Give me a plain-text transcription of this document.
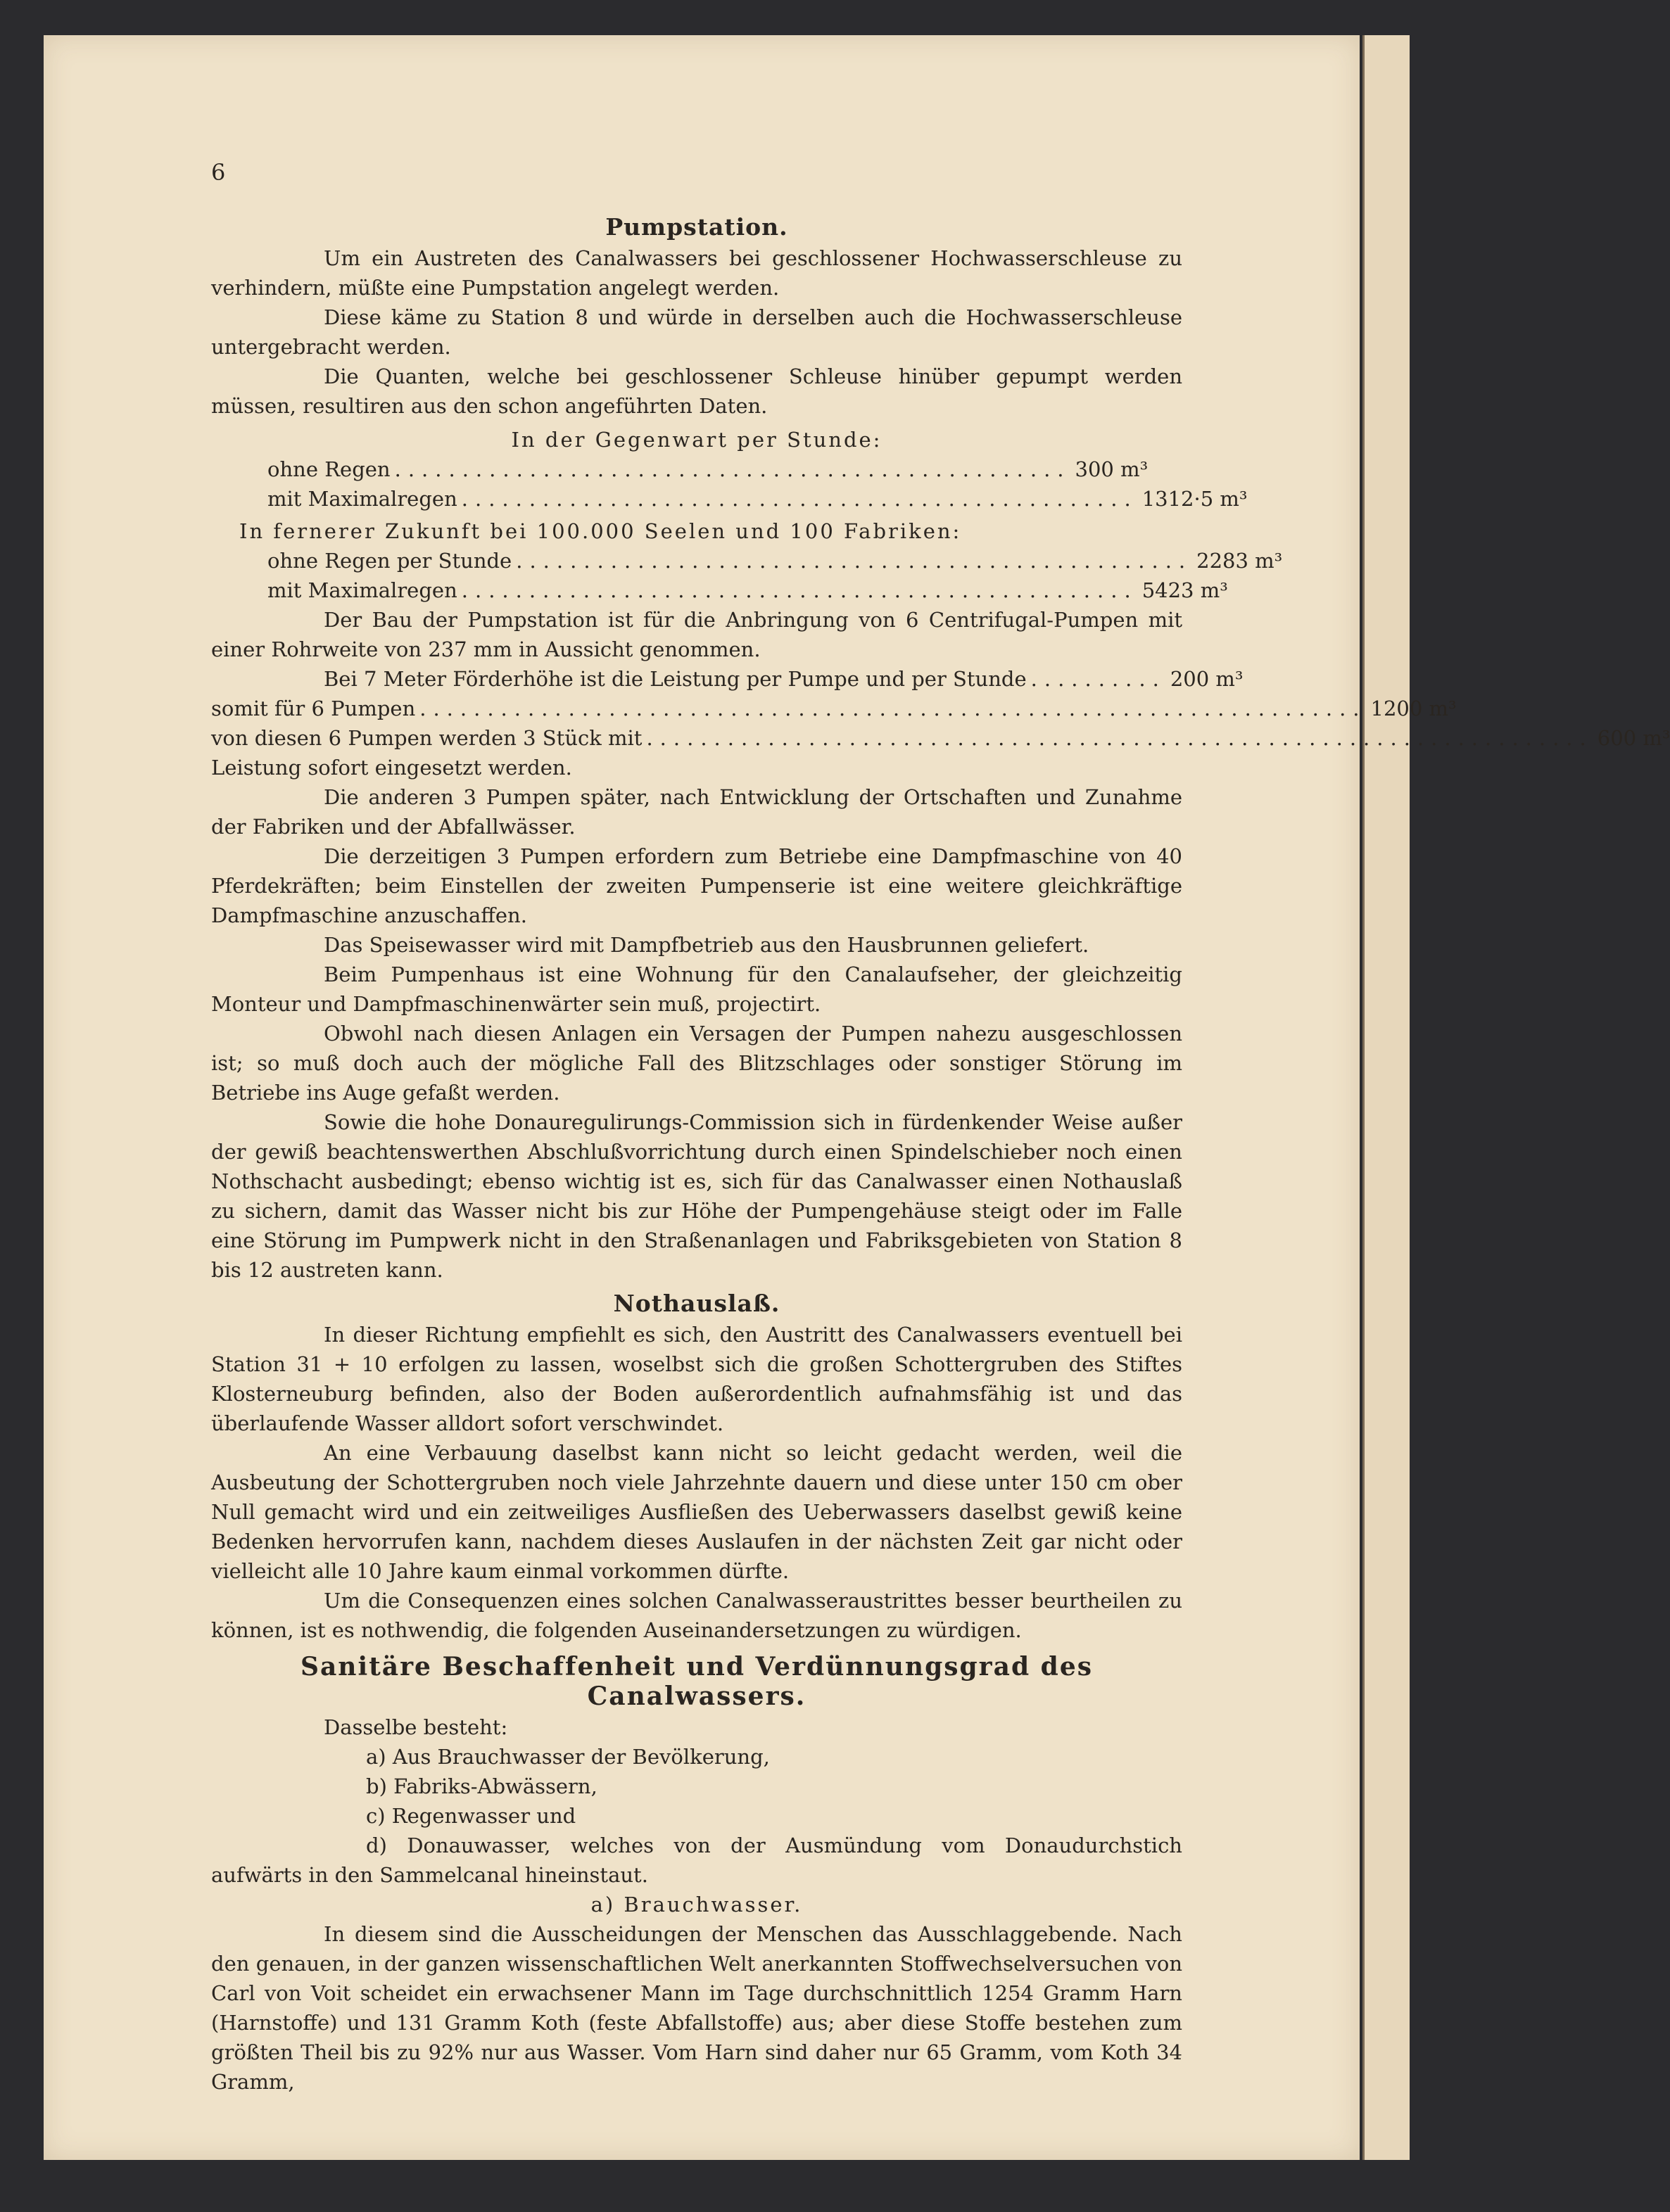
6
Pumpstation.

Um ein Austreten des Canalwassers bei geschlossener Hochwasserschleuse zu verhindern, müßte eine Pumpstation angelegt werden.

Diese käme zu Station 8 und würde in derselben auch die Hochwasserschleuse untergebracht werden.

Die Quanten, welche bei geschlossener Schleuse hinüber gepumpt werden müssen, resultiren aus den schon angeführten Daten.

In der Gegenwart per Stunde:
ohne Regen .................................................. 300 m³
mit Maximalregen .................................................. 1312·5 m³
In fernerer Zukunft bei 100.000 Seelen und 100 Fabriken:
ohne Regen per Stunde .................................................. 2283 m³
mit Maximalregen .................................................. 5423 m³

Der Bau der Pumpstation ist für die Anbringung von 6 Centrifugal-Pumpen mit einer Rohrweite von 237 mm in Aussicht genommen.

Bei 7 Meter Förderhöhe ist die Leistung per Pumpe und per Stunde .......... 200 m³
somit für 6 Pumpen ...................................................................... 1200 m³
von diesen 6 Pumpen werden 3 Stück mit ...................................................................... 600 m³

Leistung sofort eingesetzt werden.

Die anderen 3 Pumpen später, nach Entwicklung der Ortschaften und Zunahme der Fabriken und der Abfallwässer.

Die derzeitigen 3 Pumpen erfordern zum Betriebe eine Dampfmaschine von 40 Pferdekräften; beim Einstellen der zweiten Pumpenserie ist eine weitere gleichkräftige Dampfmaschine anzuschaffen.

Das Speisewasser wird mit Dampfbetrieb aus den Hausbrunnen geliefert.

Beim Pumpenhaus ist eine Wohnung für den Canalaufseher, der gleichzeitig Monteur und Dampfmaschinenwärter sein muß, projectirt.

Obwohl nach diesen Anlagen ein Versagen der Pumpen nahezu ausgeschlossen ist; so muß doch auch der mögliche Fall des Blitzschlages oder sonstiger Störung im Betriebe ins Auge gefaßt werden.

Sowie die hohe Donauregulirungs-Commission sich in fürdenkender Weise außer der gewiß beachtenswerthen Abschlußvorrichtung durch einen Spindelschieber noch einen Nothschacht ausbedingt; ebenso wichtig ist es, sich für das Canalwasser einen Nothauslaß zu sichern, damit das Wasser nicht bis zur Höhe der Pumpengehäuse steigt oder im Falle eine Störung im Pumpwerk nicht in den Straßenanlagen und Fabriksgebieten von Station 8 bis 12 austreten kann.

Nothauslaß.

In dieser Richtung empfiehlt es sich, den Austritt des Canalwassers eventuell bei Station 31 + 10 erfolgen zu lassen, woselbst sich die großen Schottergruben des Stiftes Klosterneuburg befinden, also der Boden außerordentlich aufnahmsfähig ist und das überlaufende Wasser alldort sofort verschwindet.

An eine Verbauung daselbst kann nicht so leicht gedacht werden, weil die Ausbeutung der Schottergruben noch viele Jahrzehnte dauern und diese unter 150 cm ober Null gemacht wird und ein zeitweiliges Ausfließen des Ueberwassers daselbst gewiß keine Bedenken hervorrufen kann, nachdem dieses Auslaufen in der nächsten Zeit gar nicht oder vielleicht alle 10 Jahre kaum einmal vorkommen dürfte.

Um die Consequenzen eines solchen Canalwasseraustrittes besser beurtheilen zu können, ist es nothwendig, die folgenden Auseinandersetzungen zu würdigen.

Sanitäre Beschaffenheit und Verdünnungsgrad des Canalwassers.

Dasselbe besteht:

a) Aus Brauchwasser der Bevölkerung,
b) Fabriks-Abwässern,
c) Regenwasser und

d) Donauwasser, welches von der Ausmündung vom Donaudurchstich aufwärts in den Sammelcanal hineinstaut.

a) Brauchwasser.

In diesem sind die Ausscheidungen der Menschen das Ausschlaggebende. Nach den genauen, in der ganzen wissenschaftlichen Welt anerkannten Stoffwechselversuchen von Carl von Voit scheidet ein erwachsener Mann im Tage durchschnittlich 1254 Gramm Harn (Harnstoffe) und 131 Gramm Koth (feste Abfallstoffe) aus; aber diese Stoffe bestehen zum größten Theil bis zu 92% nur aus Wasser. Vom Harn sind daher nur 65 Gramm, vom Koth 34 Gramm,
